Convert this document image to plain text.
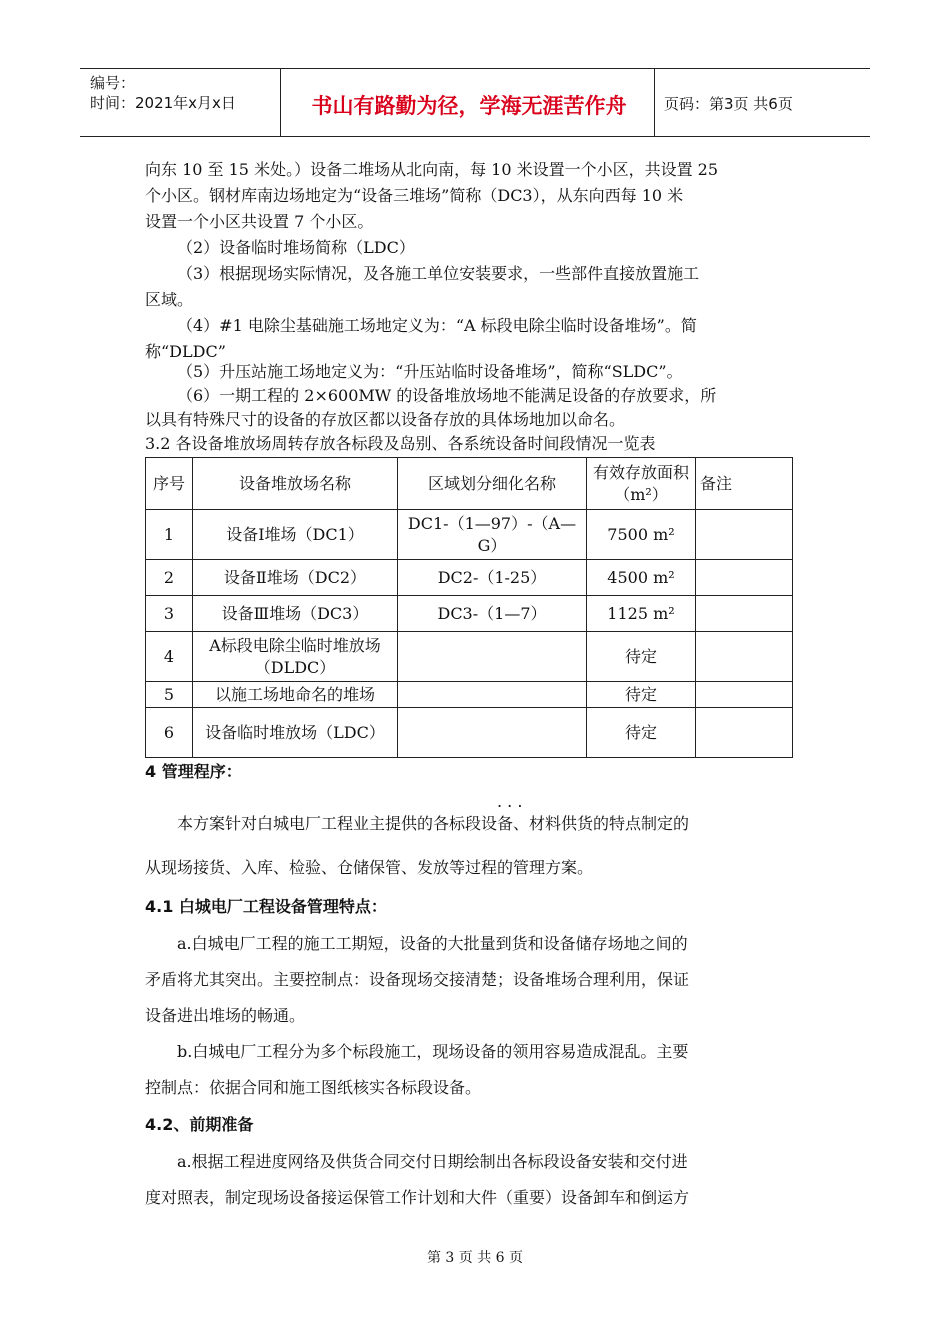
编号：
时间：2021年x月x日	书山有路勤为径，学海无涯苦作舟	页码：第3页 共6页

向东 10 至 15 米处。）设备二堆场从北向南，每 10 米设置一个小区，共设置 25

个小区。钢材库南边场地定为“设备三堆场”简称（DC3），从东向西每 10 米

设置一个小区共设置 7 个小区。

（2）设备临时堆场简称（LDC）

（3）根据现场实际情况，及各施工单位安装要求，一些部件直接放置施工

区域。

（4）#1 电除尘基础施工场地定义为：“A 标段电除尘临时设备堆场”。简

称“DLDC”

（5）升压站施工场地定义为：“升压站临时设备堆场”，简称“SLDC”。

（6）一期工程的 2×600MW 的设备堆放场地不能满足设备的存放要求，所

以具有特殊尺寸的设备的存放区都以设备存放的具体场地加以命名。

3.2 各设备堆放场周转存放各标段及岛别、各系统设备时间段情况一览表

序号	设备堆放场名称	区域划分细化名称	有效存放面积（m²）	备注
1	设备Ⅰ堆场（DC1）	DC1-（1—97）-（A—G）	7500 m²	
2	设备Ⅱ堆场（DC2）	DC2-（1-25）	4500 m²	
3	设备Ⅲ堆场（DC3）	DC3-（1—7）	1125 m²	
4	A标段电除尘临时堆放场（DLDC）		待定	
5	以施工场地命名的堆场		待定	
6	设备临时堆放场（LDC）		待定	

4 管理程序：

. . .

本方案针对白城电厂工程业主提供的各标段设备、材料供货的特点制定的

从现场接货、入库、检验、仓储保管、发放等过程的管理方案。

4.1 白城电厂工程设备管理特点：

a.白城电厂工程的施工工期短，设备的大批量到货和设备储存场地之间的

矛盾将尤其突出。主要控制点：设备现场交接清楚；设备堆场合理利用，保证

设备进出堆场的畅通。

b.白城电厂工程分为多个标段施工，现场设备的领用容易造成混乱。主要

控制点：依据合同和施工图纸核实各标段设备。

4.2、前期准备

a.根据工程进度网络及供货合同交付日期绘制出各标段设备安装和交付进

度对照表，制定现场设备接运保管工作计划和大件（重要）设备卸车和倒运方

第 3 页 共 6 页
